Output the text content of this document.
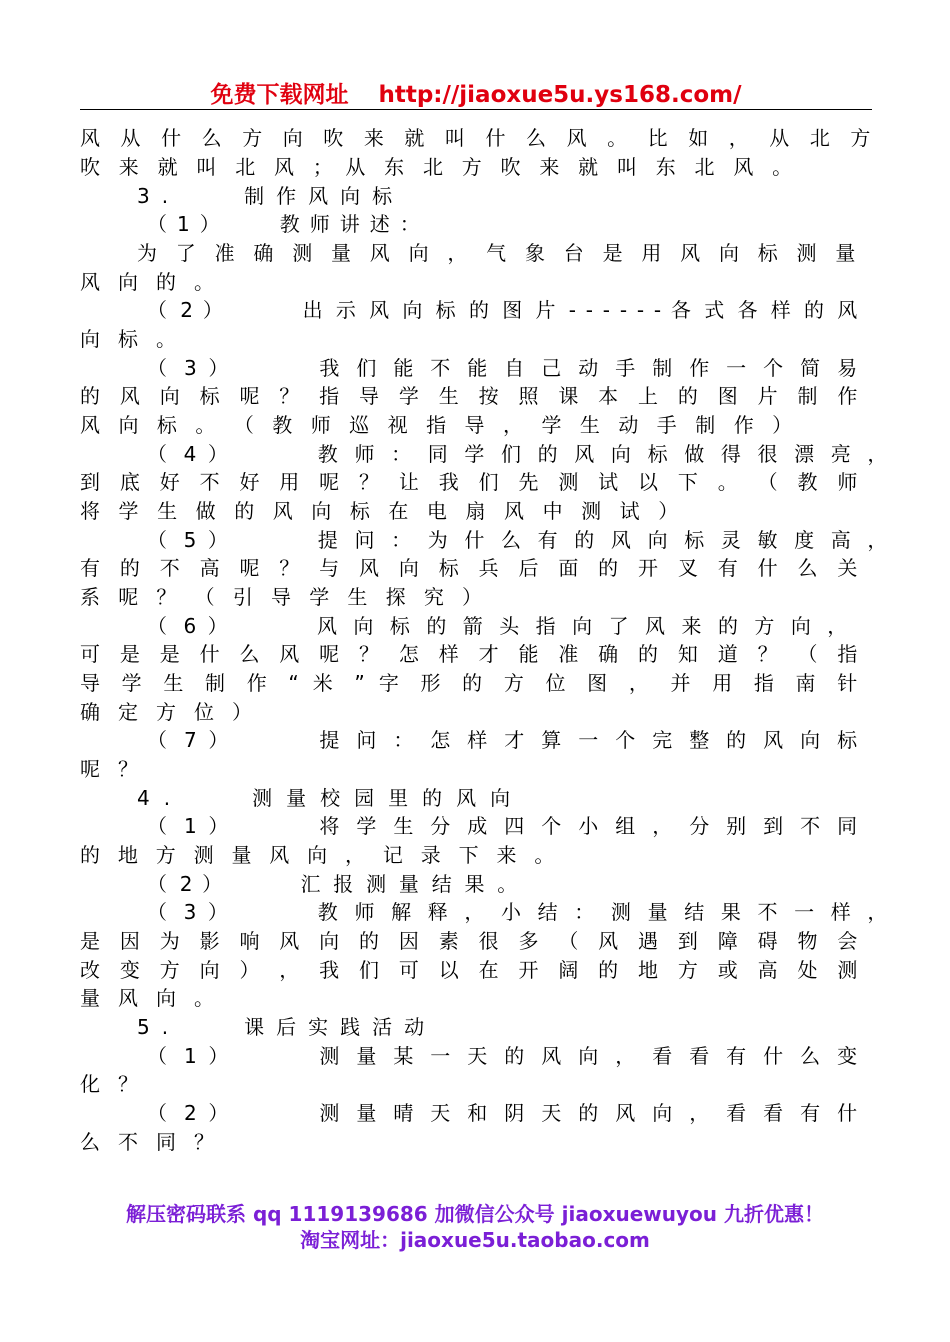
免费下载网址 http://jiaoxue5u.ys168.com/
风 从 什 么 方 向 吹 来 就 叫 什 么 风 。 比 如 ， 从 北 方
吹 来 就 叫 北 风 ； 从 东 北 方 吹 来 就 叫 东 北 风 。
3.　　制作风向标
（1）　　教师讲述：
为 了 准 确 测 量 风 向 ， 气 象 台 是 用 风 向 标 测 量
风向的。
（ 2 ） 　 　	出 示 风 向 标 的 图 片 - - - - - - 各 式 各 样 的 风
向标。
（ 3 ） 　 　	我 们 能 不 能 自 己 动 手 制 作 一 个 简 易
的 风 向 标 呢 ？ 指 导 学 生 按 照 课 本 上 的 图 片 制 作
风 向 标 。 （ 教 师 巡 视 指 导 ， 学 生 动 手 制 作 ）
（ 4 ） 　 　	教 师 ： 同 学 们 的 风 向 标 做 得 很 漂 亮 ，
到 底 好 不 好 用 呢 ？ 让 我 们 先 测 试 以 下 。 （ 教 师
将 学 生 做 的 风 向 标 在 电 扇 风 中 测 试 ）
（ 5 ） 　 　	提 问 ： 为 什 么 有 的 风 向 标 灵 敏 度 高 ，
有 的 不 高 呢 ？ 与 风 向 标 兵 后 面 的 开 叉 有 什 么 关
系 呢 ？ （ 引 导 学 生 探 究 ）
（ 6 ） 　 　	风 向 标 的 箭 头 指 向 了 风 来 的 方 向 ，
可 是 是 什 么 风 呢 ？ 怎 样 才 能 准 确 的 知 道 ？ （ 指
导 学 生 制 作 “ 米 ” 字 形 的 方 位 图 ， 并 用 指 南 针
确定方位）
（ 7 ） 　 　	提 问 ： 怎 样 才 算 一 个 完 整 的 风 向 标
呢？
4.　　测量校园里的风向
（ 1 ） 　 　	将 学 生 分 成 四 个 小 组 ， 分 别 到 不 同
的 地 方 测 量 风 向 ， 记 录 下 来 。
（ 2 ） 　 　	汇 报 测 量 结 果 。
（ 3 ） 　 　	教 师 解 释 ， 小 结 ： 测 量 结 果 不 一 样 ，
是 因 为 影 响 风 向 的 因 素 很 多 （ 风 遇 到 障 碍 物 会
改 变 方 向 ） ， 我 们 可 以 在 开 阔 的 地 方 或 高 处 测
量风向。
5.　　课后实践活动
（ 1 ） 　 　	测 量 某 一 天 的 风 向 ， 看 看 有 什 么 变
化？
（ 2 ） 　 　	测 量 晴 天 和 阴 天 的 风 向 ， 看 看 有 什
么不同？
解压密码联系 qq 1119139686 加微信公众号 jiaoxuewuyou 九折优惠！
淘宝网址：jiaoxue5u.taobao.com
